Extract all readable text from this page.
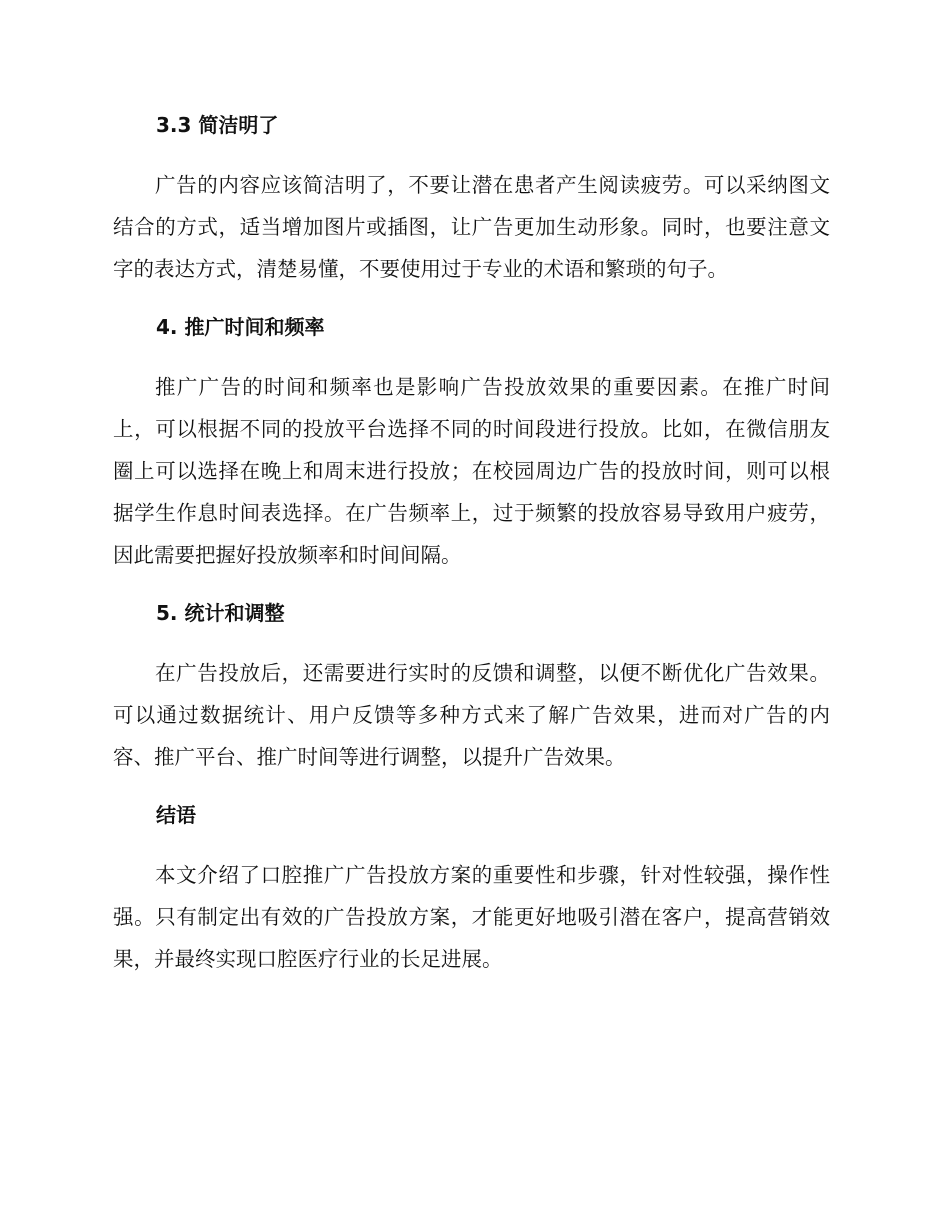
3.3 简洁明了

广告的内容应该简洁明了，不要让潜在患者产生阅读疲劳。可以采纳图文结合的方式，适当增加图片或插图，让广告更加生动形象。同时，也要注意文字的表达方式，清楚易懂，不要使用过于专业的术语和繁琐的句子。

4. 推广时间和频率

推广广告的时间和频率也是影响广告投放效果的重要因素。在推广时间上，可以根据不同的投放平台选择不同的时间段进行投放。比如，在微信朋友圈上可以选择在晚上和周末进行投放；在校园周边广告的投放时间，则可以根据学生作息时间表选择。在广告频率上，过于频繁的投放容易导致用户疲劳，因此需要把握好投放频率和时间间隔。

5. 统计和调整

在广告投放后，还需要进行实时的反馈和调整，以便不断优化广告效果。可以通过数据统计、用户反馈等多种方式来了解广告效果，进而对广告的内容、推广平台、推广时间等进行调整，以提升广告效果。

结语

本文介绍了口腔推广广告投放方案的重要性和步骤，针对性较强，操作性强。只有制定出有效的广告投放方案，才能更好地吸引潜在客户，提高营销效果，并最终实现口腔医疗行业的长足进展。
